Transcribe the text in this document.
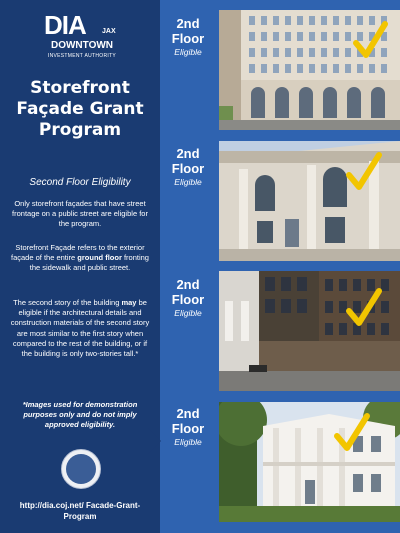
DIA JAX
DOWNTOWN
INVESTMENT AUTHORITY
Storefront Façade Grant Program
Second Floor Eligibility
Only storefront façades that have street frontage on a public street are eligible for the program.
Storefront Façade refers to the exterior façade of the entire ground floor fronting the sidewalk and public street.
The second story of the building may be eligible if the architectural details and construction materials of the second story are most similar to the first story when compared to the rest of the building, or if the building is only two-stories tall.*
*Images used for demonstration purposes only and do not imply approved eligibility.
http://dia.coj.net/ Facade-Grant-Program
2nd Floor
Eligible
2nd Floor
Eligible
2nd Floor
Eligible
2nd Floor
Eligible
